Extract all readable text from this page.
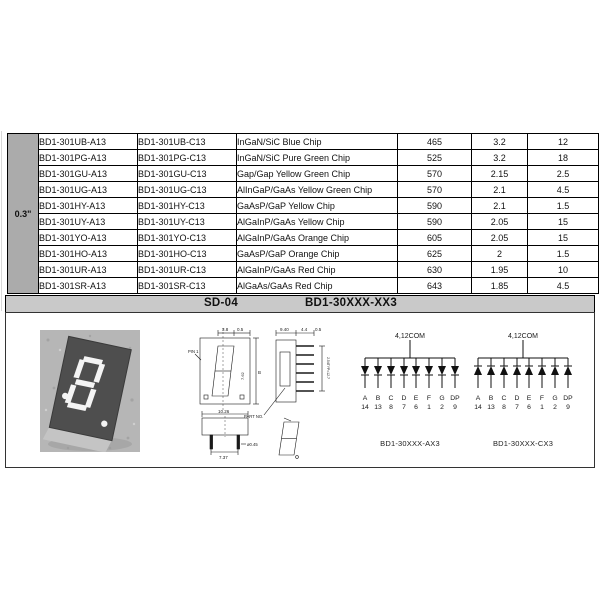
0.3"	BD1-301UB-A13	BD1-301UB-C13	InGaN/SiC Blue Chip	465	3.2	12
	BD1-301PG-A13	BD1-301PG-C13	InGaN/SiC Pure Green Chip	525	3.2	18
	BD1-301GU-A13	BD1-301GU-C13	Gap/Gap Yellow Green Chip	570	2.15	2.5
	BD1-301UG-A13	BD1-301UG-C13	AlInGaP/GaAs Yellow Green Chip	570	2.1	4.5
	BD1-301HY-A13	BD1-301HY-C13	GaAsP/GaP Yellow Chip	590	2.1	1.5
	BD1-301UY-A13	BD1-301UY-C13	AlGaInP/GaAs Yellow Chip	590	2.05	15
	BD1-301YO-A13	BD1-301YO-C13	AlGaInP/GaAs Orange Chip	605	2.05	15
	BD1-301HO-A13	BD1-301HO-C13	GaAsP/GaP Orange Chip	625	2	1.5
	BD1-301UR-A13	BD1-301UR-C13	AlGaInP/GaAs Red Chip	630	1.95	10
	BD1-301SR-A13	BD1-301SR-C13	AlGaAs/GaAs Red Chip	643	1.85	4.5
SD-04	BD1-30XXX-XX3
3.8 0.5
PIN 1
B
7.62
9.40	4.4 0.5
2.54TYP=12.7
PART NO.
10.26
7.37
ø0.45
4,12COM
A B C D E F G DP
14 13 8 7 6 1 2 9
4,12COM
A B C D E F G DP
14 13 8 7 6 1 2 9
BD1-30XXX-AX3	BD1-30XXX-CX3
